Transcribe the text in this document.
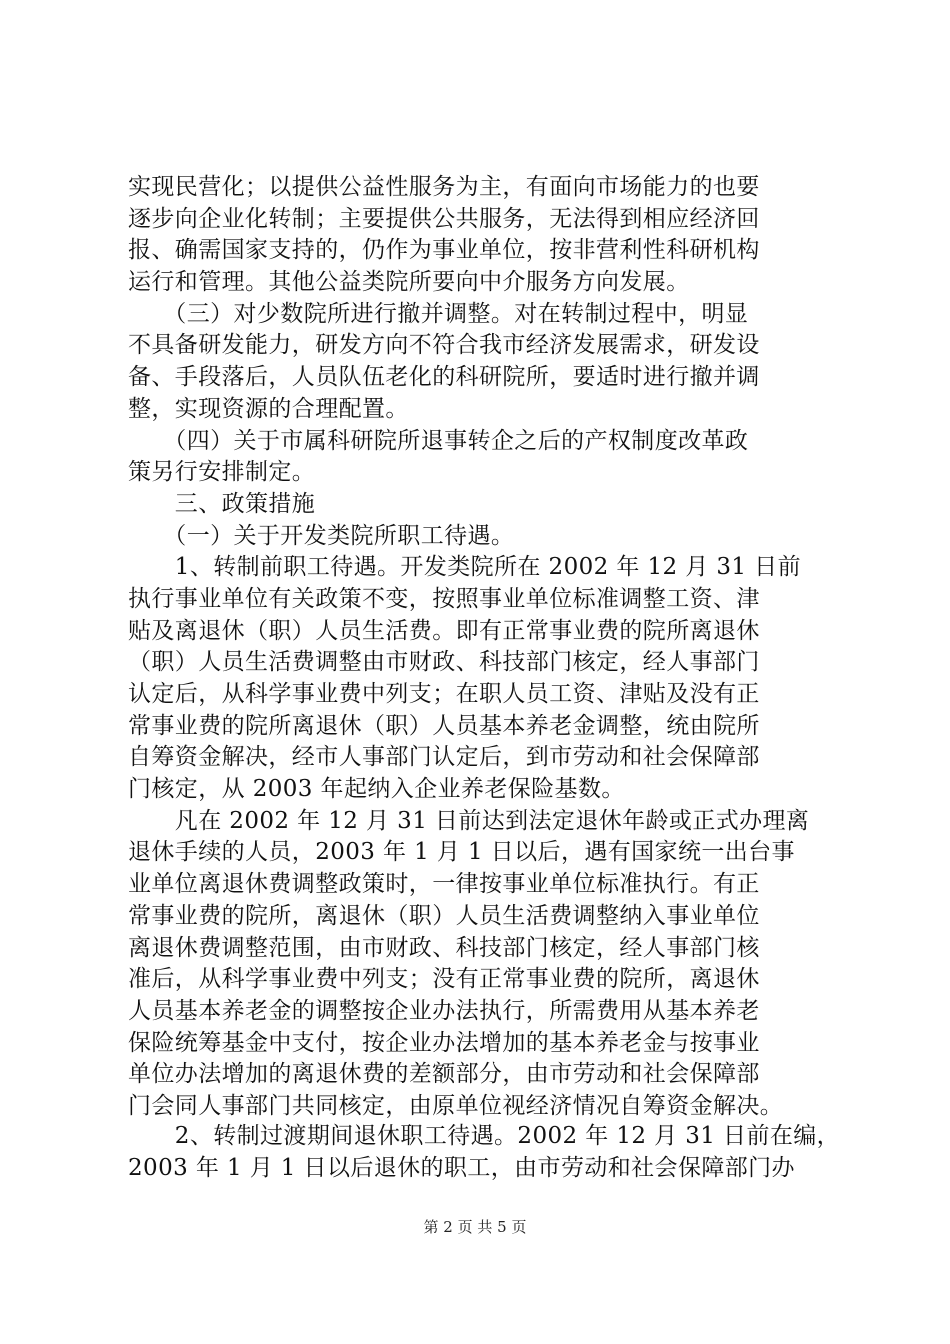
实现民营化；以提供公益性服务为主，有面向市场能力的也要
逐步向企业化转制；主要提供公共服务，无法得到相应经济回
报、确需国家支持的，仍作为事业单位，按非营利性科研机构
运行和管理。其他公益类院所要向中介服务方向发展。
　　（三）对少数院所进行撤并调整。对在转制过程中，明显
不具备研发能力，研发方向不符合我市经济发展需求，研发设
备、手段落后，人员队伍老化的科研院所，要适时进行撤并调
整，实现资源的合理配置。
　　（四）关于市属科研院所退事转企之后的产权制度改革政
策另行安排制定。
　　三、政策措施
　　（一）关于开发类院所职工待遇。
　　1、转制前职工待遇。开发类院所在 2002 年 12 月 31 日前
执行事业单位有关政策不变，按照事业单位标准调整工资、津
贴及离退休（职）人员生活费。即有正常事业费的院所离退休
（职）人员生活费调整由市财政、科技部门核定，经人事部门
认定后，从科学事业费中列支；在职人员工资、津贴及没有正
常事业费的院所离退休（职）人员基本养老金调整，统由院所
自筹资金解决，经市人事部门认定后，到市劳动和社会保障部
门核定，从 2003 年起纳入企业养老保险基数。
　　凡在 2002 年 12 月 31 日前达到法定退休年龄或正式办理离
退休手续的人员，2003 年 1 月 1 日以后，遇有国家统一出台事
业单位离退休费调整政策时，一律按事业单位标准执行。有正
常事业费的院所，离退休（职）人员生活费调整纳入事业单位
离退休费调整范围，由市财政、科技部门核定，经人事部门核
准后，从科学事业费中列支；没有正常事业费的院所，离退休
人员基本养老金的调整按企业办法执行，所需费用从基本养老
保险统筹基金中支付，按企业办法增加的基本养老金与按事业
单位办法增加的离退休费的差额部分，由市劳动和社会保障部
门会同人事部门共同核定，由原单位视经济情况自筹资金解决。
　　2、转制过渡期间退休职工待遇。2002 年 12 月 31 日前在编，
2003 年 1 月 1 日以后退休的职工，由市劳动和社会保障部门办
第 2 页 共 5 页
